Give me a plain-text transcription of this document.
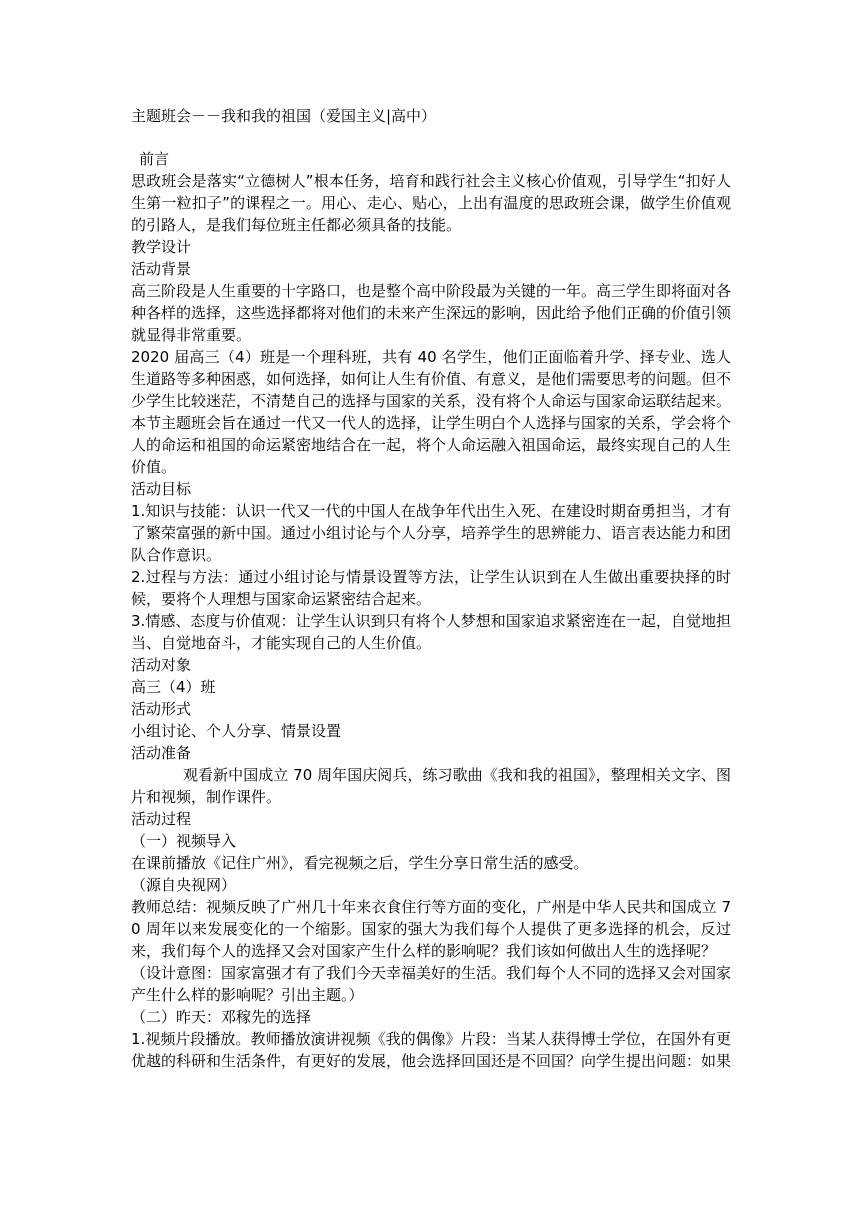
主题班会－－我和我的祖国（爱国主义|高中）

前言

思政班会是落实“立德树人”根本任务，培育和践行社会主义核心价值观，引导学生“扣好人生第一粒扣子”的课程之一。用心、走心、贴心，上出有温度的思政班会课，做学生价值观的引路人，是我们每位班主任都必须具备的技能。

教学设计

活动背景

高三阶段是人生重要的十字路口，也是整个高中阶段最为关键的一年。高三学生即将面对各种各样的选择，这些选择都将对他们的未来产生深远的影响，因此给予他们正确的价值引领就显得非常重要。

2020 届高三（4）班是一个理科班，共有 40 名学生，他们正面临着升学、择专业、选人生道路等多种困惑，如何选择，如何让人生有价值、有意义，是他们需要思考的问题。但不少学生比较迷茫，不清楚自己的选择与国家的关系，没有将个人命运与国家命运联结起来。本节主题班会旨在通过一代又一代人的选择，让学生明白个人选择与国家的关系，学会将个人的命运和祖国的命运紧密地结合在一起，将个人命运融入祖国命运，最终实现自己的人生价值。

活动目标

1.知识与技能：认识一代又一代的中国人在战争年代出生入死、在建设时期奋勇担当，才有了繁荣富强的新中国。通过小组讨论与个人分享，培养学生的思辨能力、语言表达能力和团队合作意识。

2.过程与方法：通过小组讨论与情景设置等方法，让学生认识到在人生做出重要抉择的时候，要将个人理想与国家命运紧密结合起来。

3.情感、态度与价值观：让学生认识到只有将个人梦想和国家追求紧密连在一起，自觉地担当、自觉地奋斗，才能实现自己的人生价值。

活动对象

高三（4）班

活动形式

小组讨论、个人分享、情景设置

活动准备

观看新中国成立 70 周年国庆阅兵，练习歌曲《我和我的祖国》，整理相关文字、图片和视频，制作课件。

活动过程

（一）视频导入

在课前播放《记住广州》，看完视频之后，学生分享日常生活的感受。

（源自央视网）

教师总结：视频反映了广州几十年来衣食住行等方面的变化，广州是中华人民共和国成立 70 周年以来发展变化的一个缩影。国家的强大为我们每个人提供了更多选择的机会，反过来，我们每个人的选择又会对国家产生什么样的影响呢？我们该如何做出人生的选择呢？

（设计意图：国家富强才有了我们今天幸福美好的生活。我们每个人不同的选择又会对国家产生什么样的影响呢？引出主题。）

（二）昨天：邓稼先的选择

1.视频片段播放。教师播放演讲视频《我的偶像》片段：当某人获得博士学位，在国外有更优越的科研和生活条件，有更好的发展，他会选择回国还是不回国？向学生提出问题：如果
